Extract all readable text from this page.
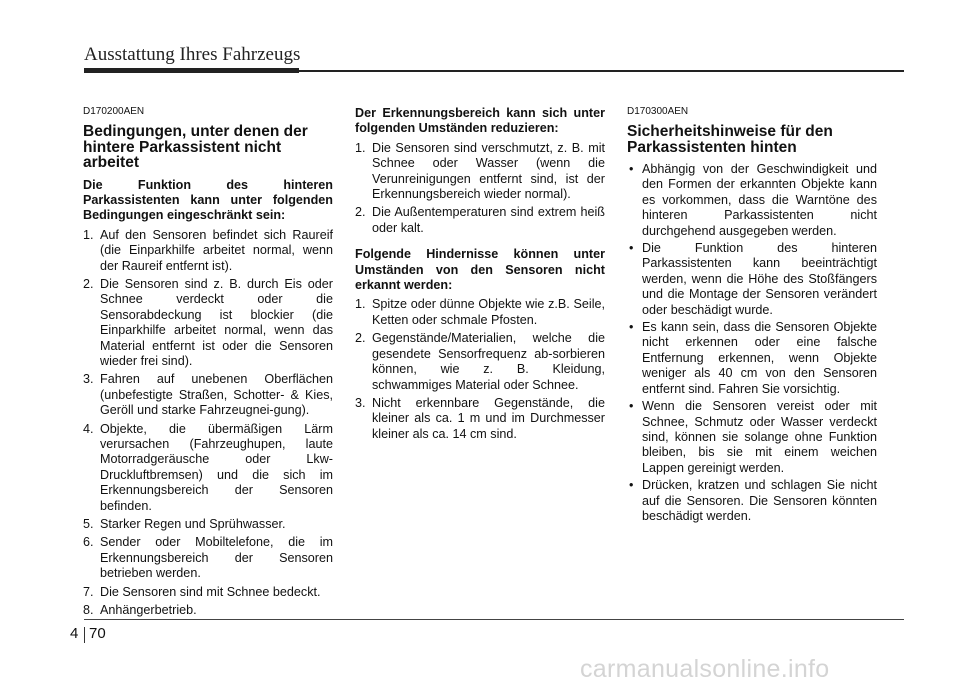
Ausstattung Ihres Fahrzeugs
D170200AEN
Bedingungen, unter denen der hintere Parkassistent nicht arbeitet
Die Funktion des hinteren Parkassistenten kann unter folgenden Bedingungen eingeschränkt sein:
1. Auf den Sensoren befindet sich Raureif (die Einparkhilfe arbeitet normal, wenn der Raureif entfernt ist).
2. Die Sensoren sind z. B. durch Eis oder Schnee verdeckt oder die Sensorabdeckung ist blockier (die Einparkhilfe arbeitet normal, wenn das Material entfernt ist oder die Sensoren wieder frei sind).
3. Fahren auf unebenen Oberflächen (unbefestigte Straßen, Schotter- & Kies, Geröll und starke Fahrzeugnei-gung).
4. Objekte, die übermäßigen Lärm verursachen (Fahrzeughupen, laute Motorradgeräusche oder Lkw-Druckluftbremsen) und die sich im Erkennungsbereich der Sensoren befinden.
5. Starker Regen und Sprühwasser.
6. Sender oder Mobiltelefone, die im Erkennungsbereich der Sensoren betrieben werden.
7. Die Sensoren sind mit Schnee bedeckt.
8. Anhängerbetrieb.
Der Erkennungsbereich kann sich unter folgenden Umständen reduzieren:
1. Die Sensoren sind verschmutzt, z. B. mit Schnee oder Wasser (wenn die Verunreinigungen entfernt sind, ist der Erkennungsbereich wieder normal).
2. Die Außentemperaturen sind extrem heiß oder kalt.
Folgende Hindernisse können unter Umständen von den Sensoren nicht erkannt werden:
1. Spitze oder dünne Objekte wie z.B. Seile, Ketten oder schmale Pfosten.
2. Gegenstände/Materialien, welche die gesendete Sensorfrequenz ab-sorbieren können, wie z. B. Kleidung, schwammiges Material oder Schnee.
3. Nicht erkennbare Gegenstände, die kleiner als ca. 1 m und im Durchmesser kleiner als ca. 14 cm sind.
D170300AEN
Sicherheitshinweise für den Parkassistenten hinten
• Abhängig von der Geschwindigkeit und den Formen der erkannten Objekte kann es vorkommen, dass die Warntöne des hinteren Parkassistenten nicht durchgehend ausgegeben werden.
• Die Funktion des hinteren Parkassistenten kann beeinträchtigt werden, wenn die Höhe des Stoßfängers und die Montage der Sensoren verändert oder beschädigt wurde.
• Es kann sein, dass die Sensoren Objekte nicht erkennen oder eine falsche Entfernung erkennen, wenn Objekte weniger als 40 cm von den Sensoren entfernt sind. Fahren Sie vorsichtig.
• Wenn die Sensoren vereist oder mit Schnee, Schmutz oder Wasser verdeckt sind, können sie solange ohne Funktion bleiben, bis sie mit einem weichen Lappen gereinigt werden.
• Drücken, kratzen und schlagen Sie nicht auf die Sensoren. Die Sensoren könnten beschädigt werden.
4 70
carmanualsonline.info
